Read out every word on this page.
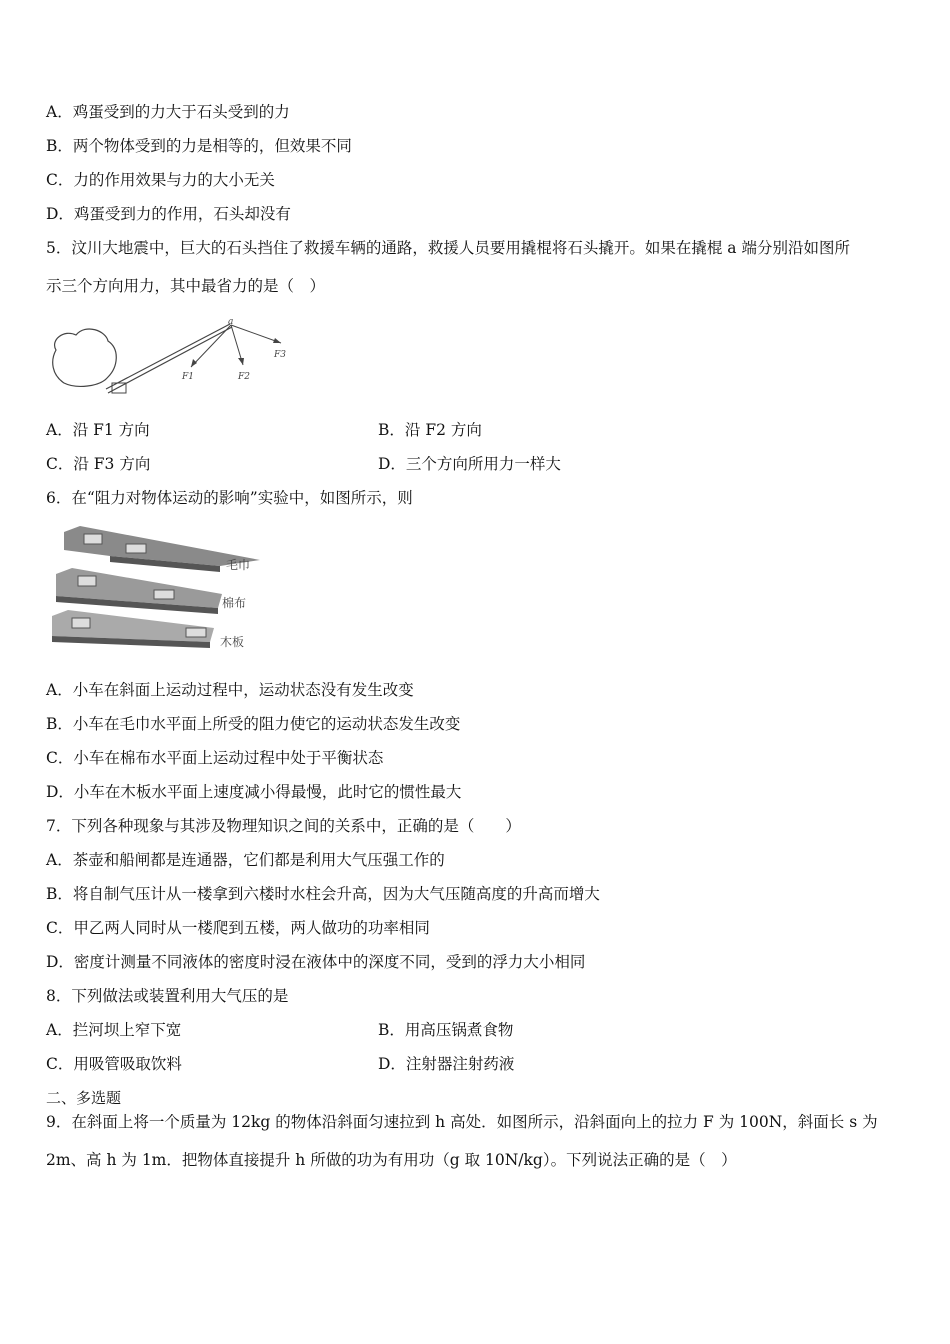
A．鸡蛋受到的力大于石头受到的力
B．两个物体受到的力是相等的，但效果不同
C．力的作用效果与力的大小无关
D．鸡蛋受到力的作用，石头却没有
5．汶川大地震中，巨大的石头挡住了救援车辆的通路，救援人员要用撬棍将石头撬开。如果在撬棍 a 端分别沿如图所
示三个方向用力，其中最省力的是（　）
a
F1	F2
F3
A．沿 F1 方向	B．沿 F2 方向
C．沿 F3 方向	D．三个方向所用力一样大
6．在“阻力对物体运动的影响”实验中，如图所示，则
毛巾
棉布
木板
A．小车在斜面上运动过程中，运动状态没有发生改变
B．小车在毛巾水平面上所受的阻力使它的运动状态发生改变
C．小车在棉布水平面上运动过程中处于平衡状态
D．小车在木板水平面上速度减小得最慢，此时它的惯性最大
7．下列各种现象与其涉及物理知识之间的关系中，正确的是（　　）
A．茶壶和船闸都是连通器，它们都是利用大气压强工作的
B．将自制气压计从一楼拿到六楼时水柱会升高，因为大气压随高度的升高而增大
C．甲乙两人同时从一楼爬到五楼，两人做功的功率相同
D．密度计测量不同液体的密度时浸在液体中的深度不同，受到的浮力大小相同
8．下列做法或装置利用大气压的是
A．拦河坝上窄下宽	B．用高压锅煮食物
C．用吸管吸取饮料	D．注射器注射药液
二、多选题
9．在斜面上将一个质量为 12kg 的物体沿斜面匀速拉到 h 高处．如图所示，沿斜面向上的拉力 F 为 100N，斜面长 s 为
2m、高 h 为 1m．把物体直接提升 h 所做的功为有用功（g 取 10N/kg）。下列说法正确的是（　）
